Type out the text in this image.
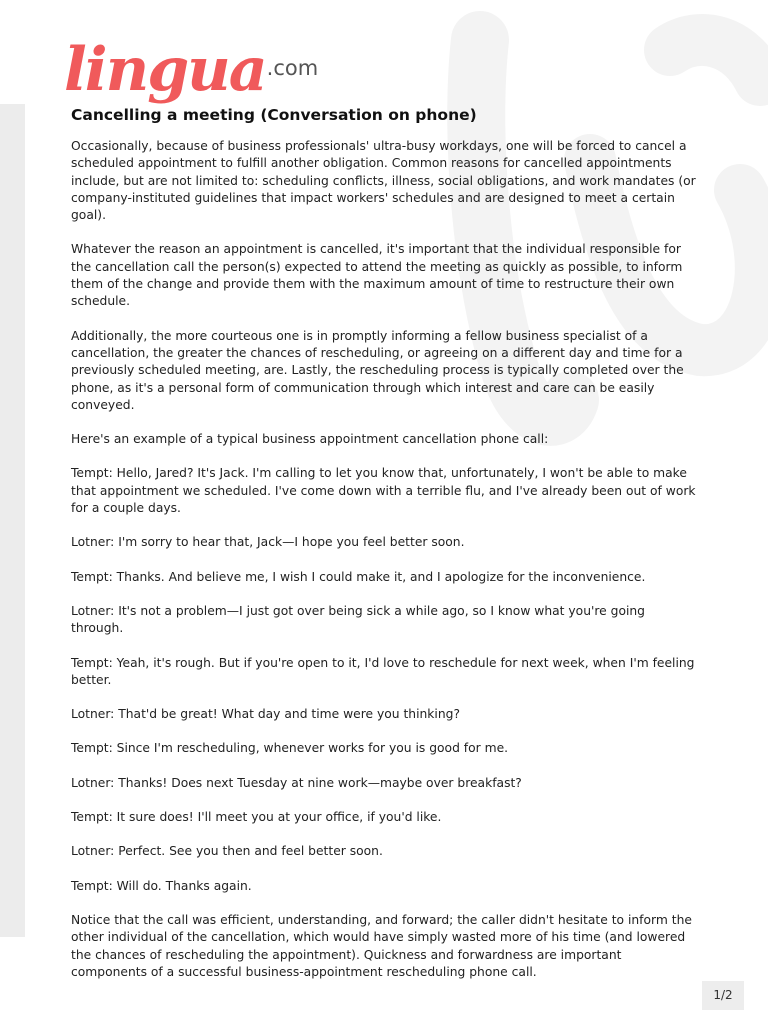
lingua .com
Cancelling a meeting (Conversation on phone)

Occasionally, because of business professionals' ultra-busy workdays, one will be forced to cancel a scheduled appointment to fulfill another obligation. Common reasons for cancelled appointments include, but are not limited to: scheduling conflicts, illness, social obligations, and work mandates (or company-instituted guidelines that impact workers' schedules and are designed to meet a certain goal).

Whatever the reason an appointment is cancelled, it's important that the individual responsible for the cancellation call the person(s) expected to attend the meeting as quickly as possible, to inform them of the change and provide them with the maximum amount of time to restructure their own schedule.

Additionally, the more courteous one is in promptly informing a fellow business specialist of a cancellation, the greater the chances of rescheduling, or agreeing on a different day and time for a previously scheduled meeting, are. Lastly, the rescheduling process is typically completed over the phone, as it's a personal form of communication through which interest and care can be easily conveyed.

Here's an example of a typical business appointment cancellation phone call:

Tempt: Hello, Jared? It's Jack. I'm calling to let you know that, unfortunately, I won't be able to make that appointment we scheduled. I've come down with a terrible flu, and I've already been out of work for a couple days.

Lotner: I'm sorry to hear that, Jack—I hope you feel better soon.

Tempt: Thanks. And believe me, I wish I could make it, and I apologize for the inconvenience.

Lotner: It's not a problem—I just got over being sick a while ago, so I know what you're going through.

Tempt: Yeah, it's rough. But if you're open to it, I'd love to reschedule for next week, when I'm feeling better.

Lotner: That'd be great! What day and time were you thinking?

Tempt: Since I'm rescheduling, whenever works for you is good for me.

Lotner: Thanks! Does next Tuesday at nine work—maybe over breakfast?

Tempt: It sure does! I'll meet you at your office, if you'd like.

Lotner: Perfect. See you then and feel better soon.

Tempt: Will do. Thanks again.

Notice that the call was efficient, understanding, and forward; the caller didn't hesitate to inform the other individual of the cancellation, which would have simply wasted more of his time (and lowered the chances of rescheduling the appointment). Quickness and forwardness are important components of a successful business-appointment rescheduling phone call.

1/2
